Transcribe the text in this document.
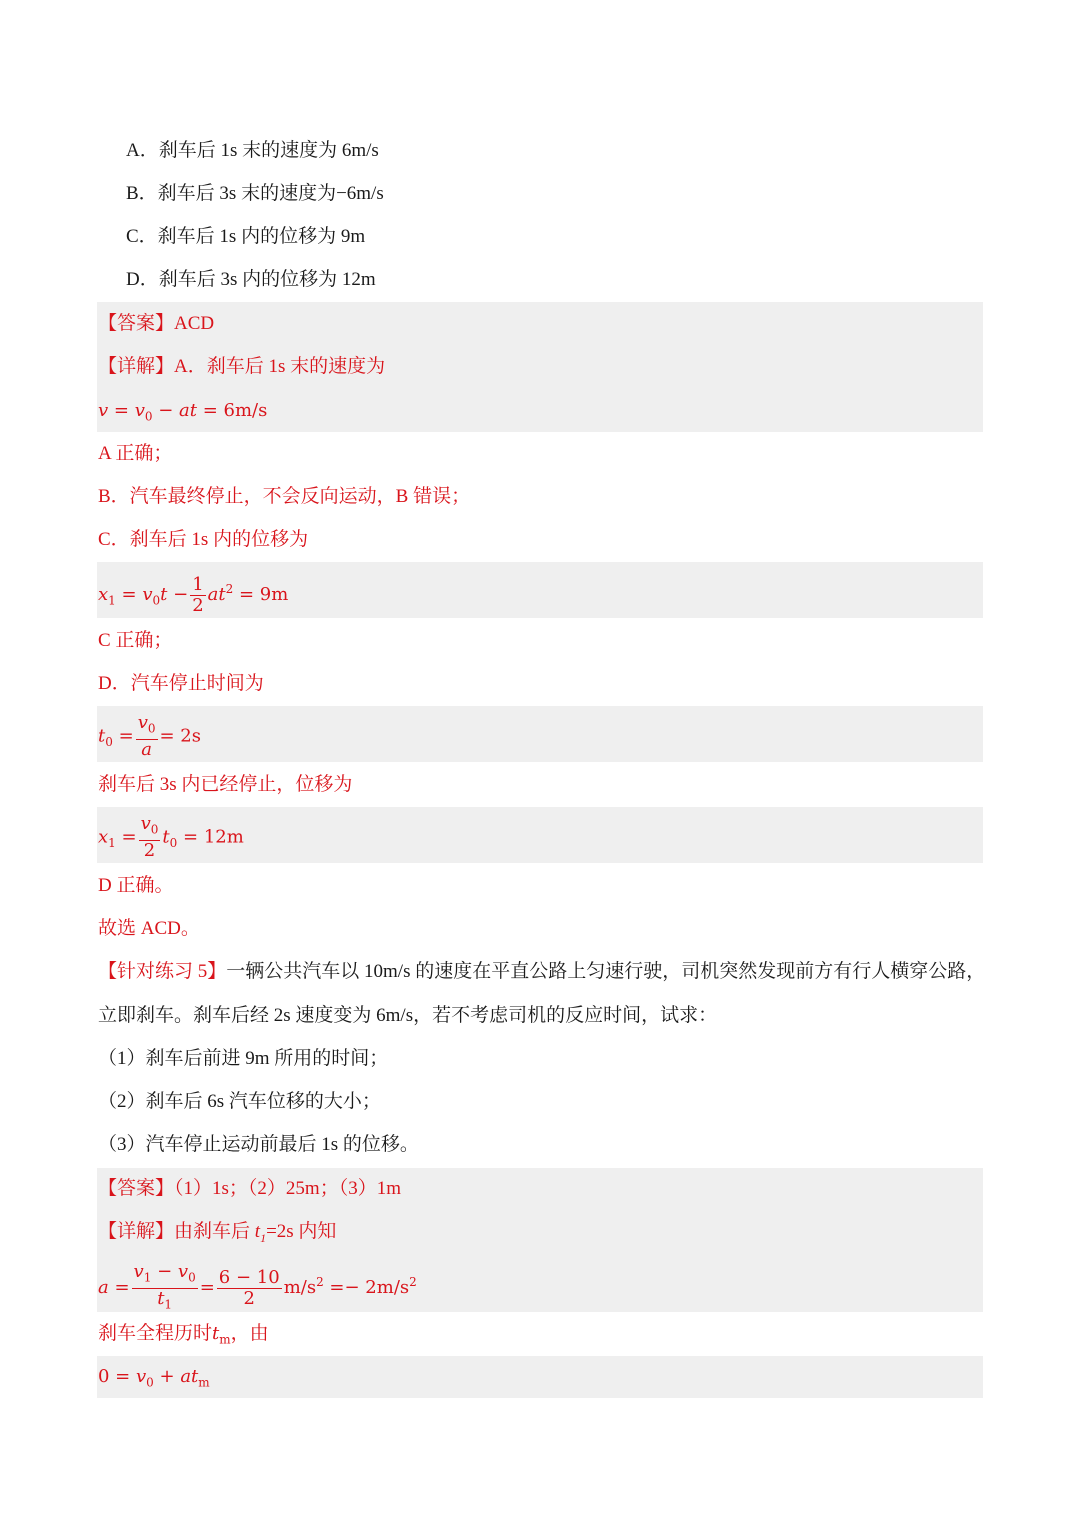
A．刹车后 1s 末的速度为 6m/s
B．刹车后 3s 末的速度为−6m/s
C．刹车后 1s 内的位移为 9m
D．刹车后 3s 内的位移为 12m
【答案】ACD
【详解】A．刹车后 1s 末的速度为
$v = v_0$ − at = 6m/s
A 正确；
B．汽车最终停止，不会反向运动，B 错误；
C．刹车后 1s 内的位移为
$x_1 = v_0t - \frac{1}{2} at^2 = 9m$
C 正确；
D．汽车停止时间为
$t_0 = \frac{v_0}{a} = 2s$
刹车后 3s 内已经停止，位移为
$x_1 = \frac{v_0}{2} t_0 = 12m$
D 正确。
故选 ACD。
【针对练习 5】一辆公共汽车以 10m/s 的速度在平直公路上匀速行驶，司机突然发现前方有行人横穿公路，
立即刹车。刹车后经 2s 速度变为 6m/s，若不考虑司机的反应时间，试求：
（1）刹车后前进 9m 所用的时间；
（2）刹车后 6s 汽车位移的大小；
（3）汽车停止运动前最后 1s 的位移。
【答案】（1）1s；（2）25m；（3）1m
【详解】由刹车后 $t_1=2s$ 内知
$a = \frac{v_1 - v_0}{t_1} = \frac{6 - 10}{2} m/s^2 =- 2m/s^2$
刹车全程历时$t_m$，由
$0 = v_0 + at_m$
